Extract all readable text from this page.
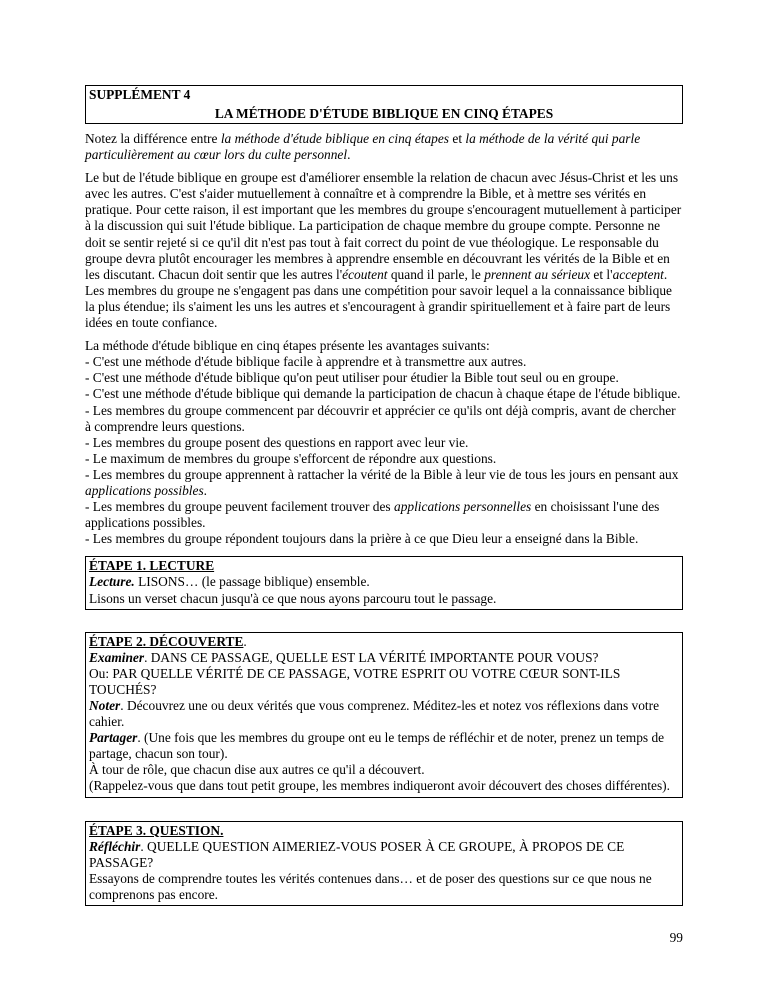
SUPPLÉMENT 4
LA MÉTHODE D'ÉTUDE BIBLIQUE EN CINQ ÉTAPES

Notez la différence entre la méthode d'étude biblique en cinq étapes et la méthode de la vérité qui parle particulièrement au cœur lors du culte personnel.

Le but de l'étude biblique en groupe est d'améliorer ensemble la relation de chacun avec Jésus-Christ et les uns avec les autres. C'est s'aider mutuellement à connaître et à comprendre la Bible, et à mettre ses vérités en pratique. Pour cette raison, il est important que les membres du groupe s'encouragent mutuellement à participer à la discussion qui suit l'étude biblique. La participation de chaque membre du groupe compte. Personne ne doit se sentir rejeté si ce qu'il dit n'est pas tout à fait correct du point de vue théologique. Le responsable du groupe devra plutôt encourager les membres à apprendre ensemble en découvrant les vérités de la Bible et en les discutant. Chacun doit sentir que les autres l'écoutent quand il parle, le prennent au sérieux et l'acceptent. Les membres du groupe ne s'engagent pas dans une compétition pour savoir lequel a la connaissance biblique la plus étendue; ils s'aiment les uns les autres et s'encouragent à grandir spirituellement et à faire part de leurs idées en toute confiance.

La méthode d'étude biblique en cinq étapes présente les avantages suivants:
- C'est une méthode d'étude biblique facile à apprendre et à transmettre aux autres.
- C'est une méthode d'étude biblique qu'on peut utiliser pour étudier la Bible tout seul ou en groupe.
- C'est une méthode d'étude biblique qui demande la participation de chacun à chaque étape de l'étude biblique.
- Les membres du groupe commencent par découvrir et apprécier ce qu'ils ont déjà compris, avant de chercher à comprendre leurs questions.
- Les membres du groupe posent des questions en rapport avec leur vie.
- Le maximum de membres du groupe s'efforcent de répondre aux questions.
- Les membres du groupe apprennent à rattacher la vérité de la Bible à leur vie de tous les jours en pensant aux applications possibles.
- Les membres du groupe peuvent facilement trouver des applications personnelles en choisissant l'une des applications possibles.
- Les membres du groupe répondent toujours dans la prière à ce que Dieu leur a enseigné dans la Bible.
ÉTAPE 1. LECTURE
Lecture. LISONS… (le passage biblique) ensemble.
Lisons un verset chacun jusqu'à ce que nous ayons parcouru tout le passage.
ÉTAPE 2. DÉCOUVERTE.
Examiner. DANS CE PASSAGE, QUELLE EST LA VÉRITÉ IMPORTANTE POUR VOUS?
Ou: PAR QUELLE VÉRITÉ DE CE PASSAGE, VOTRE ESPRIT OU VOTRE CŒUR SONT-ILS TOUCHÉS?
Noter. Découvrez une ou deux vérités que vous comprenez. Méditez-les et notez vos réflexions dans votre cahier.
Partager. (Une fois que les membres du groupe ont eu le temps de réfléchir et de noter, prenez un temps de partage, chacun son tour).
À tour de rôle, que chacun dise aux autres ce qu'il a découvert.
(Rappelez-vous que dans tout petit groupe, les membres indiqueront avoir découvert des choses différentes).
ÉTAPE 3. QUESTION.
Réfléchir. QUELLE QUESTION AIMERIEZ-VOUS POSER À CE GROUPE, À PROPOS DE CE PASSAGE?
Essayons de comprendre toutes les vérités contenues dans… et de poser des questions sur ce que nous ne comprenons pas encore.
99
